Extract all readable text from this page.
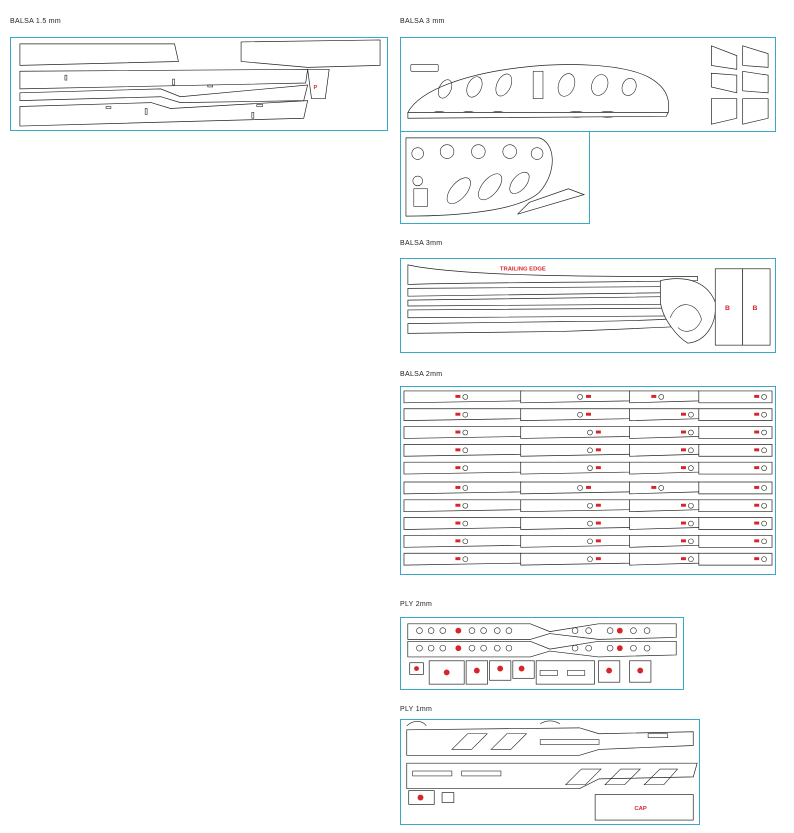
BALSA 1.5 mm
P
BALSA 3 mm
BALSA 3mm
TRAILING EDGE
B	B
BALSA 2mm
PLY 2mm
PLY 1mm
CAP
